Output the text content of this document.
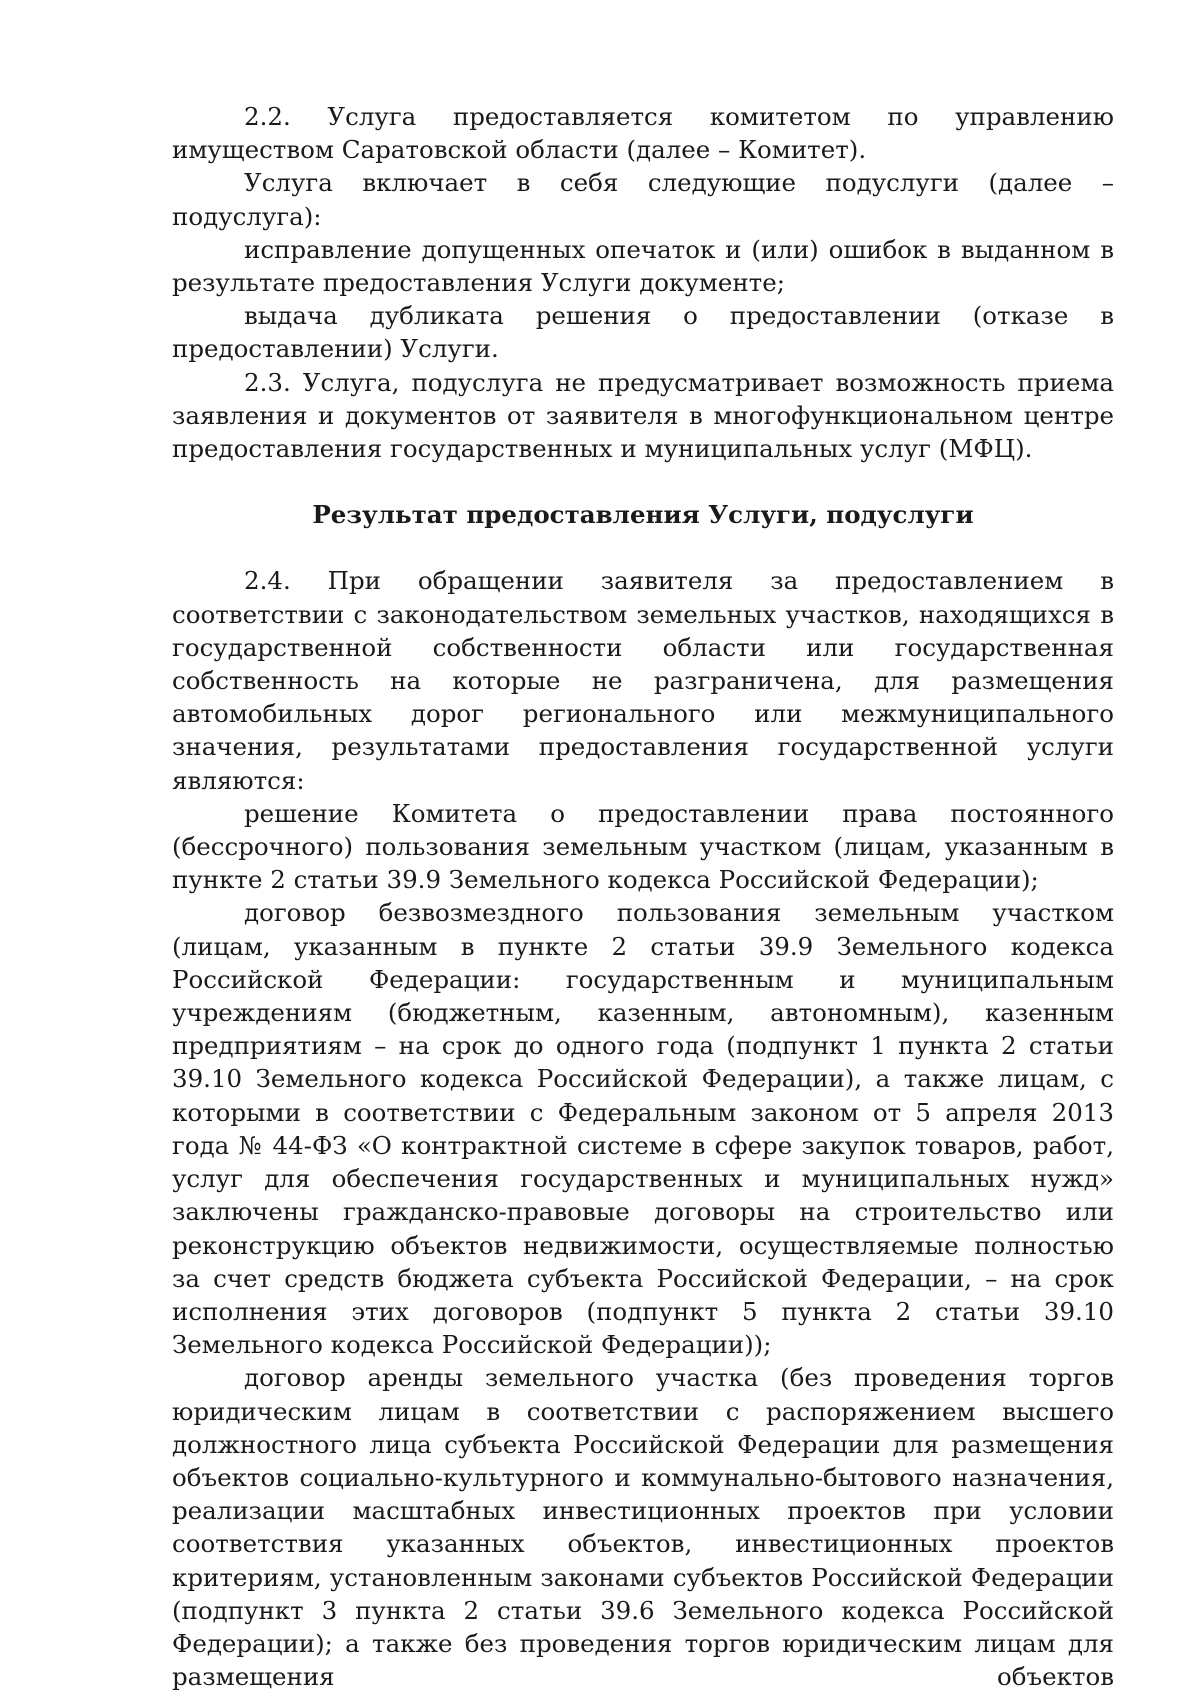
2.2. Услуга предоставляется комитетом по управлению имуществом Саратовской области (далее – Комитет).

Услуга включает в себя следующие подуслуги (далее – подуслуга):

исправление допущенных опечаток и (или) ошибок в выданном в результате предоставления Услуги документе;

выдача дубликата решения о предоставлении (отказе в предоставлении) Услуги.

2.3. Услуга, подуслуга не предусматривает возможность приема заявления и документов от заявителя в многофункциональном центре предоставления государственных и муниципальных услуг (МФЦ).

Результат предоставления Услуги, подуслуги

2.4. При обращении заявителя за предоставлением в соответствии с законодательством земельных участков, находящихся в государственной собственности области или государственная собственность на которые не разграничена, для размещения автомобильных дорог регионального или межмуниципального значения, результатами предоставления государственной услуги являются:

решение Комитета о предоставлении права постоянного (бессрочного) пользования земельным участком (лицам, указанным в пункте 2 статьи 39.9 Земельного кодекса Российской Федерации);

договор безвозмездного пользования земельным участком (лицам, указанным в пункте 2 статьи 39.9 Земельного кодекса Российской Федерации: государственным и муниципальным учреждениям (бюджетным, казенным, автономным), казенным предприятиям – на срок до одного года (подпункт 1 пункта 2 статьи 39.10 Земельного кодекса Российской Федерации), а также лицам, с которыми в соответствии с Федеральным законом от 5 апреля 2013 года № 44-ФЗ «О контрактной системе в сфере закупок товаров, работ, услуг для обеспечения государственных и муниципальных нужд» заключены гражданско-правовые договоры на строительство или реконструкцию объектов недвижимости, осуществляемые полностью за счет средств бюджета субъекта Российской Федерации, – на срок исполнения этих договоров (подпункт 5 пункта 2 статьи 39.10 Земельного кодекса Российской Федерации));

договор аренды земельного участка (без проведения торгов юридическим лицам в соответствии с распоряжением высшего должностного лица субъекта Российской Федерации для размещения объектов социально-культурного и коммунально-бытового назначения, реализации масштабных инвестиционных проектов при условии соответствия указанных объектов, инвестиционных проектов критериям, установленным законами субъектов Российской Федерации (подпункт 3 пункта 2 статьи 39.6 Земельного кодекса Российской Федерации); а также без проведения торгов юридическим лицам для размещения объектов
